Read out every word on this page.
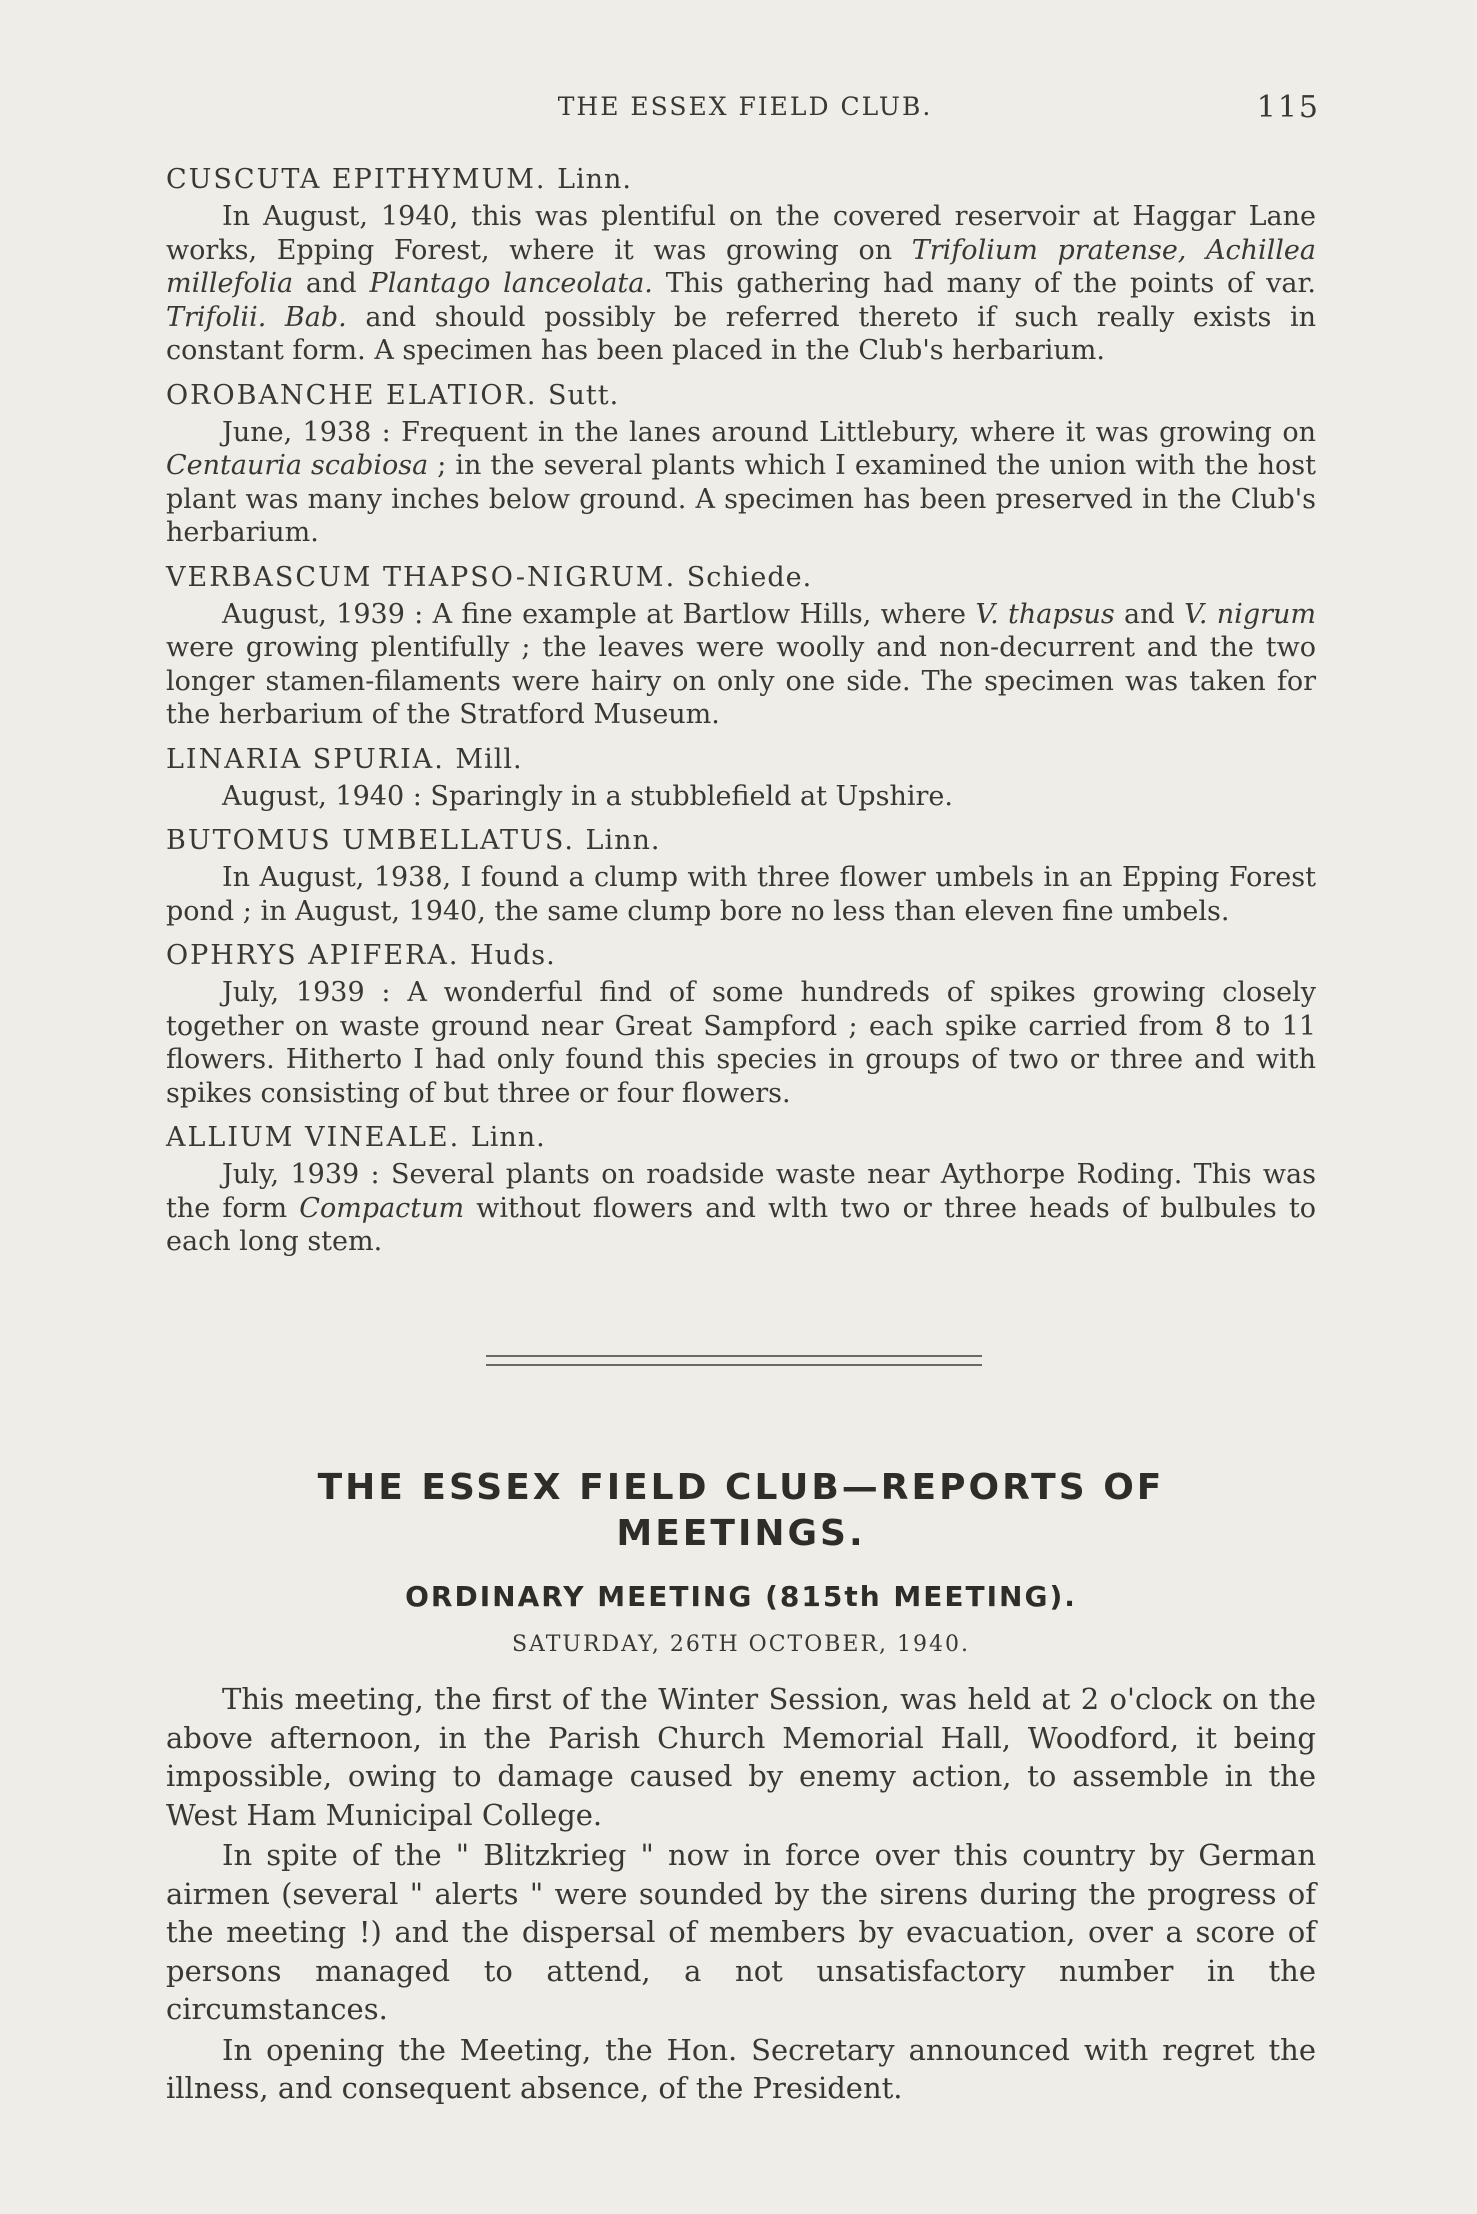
THE ESSEX FIELD CLUB.	115
CUSCUTA EPITHYMUM. Linn.

In August, 1940, this was plentiful on the covered reservoir at Haggar Lane works, Epping Forest, where it was growing on Trifolium pratense, Achillea millefolia and Plantago lanceolata. This gathering had many of the points of var. Trifolii. Bab. and should possibly be referred thereto if such really exists in constant form. A specimen has been placed in the Club's herbarium.

OROBANCHE ELATIOR. Sutt.

June, 1938 : Frequent in the lanes around Littlebury, where it was growing on Centauria scabiosa ; in the several plants which I examined the union with the host plant was many inches below ground. A specimen has been preserved in the Club's herbarium.

VERBASCUM THAPSO-NIGRUM. Schiede.

August, 1939 : A fine example at Bartlow Hills, where V. thapsus and V. nigrum were growing plentifully ; the leaves were woolly and non-decurrent and the two longer stamen-filaments were hairy on only one side. The specimen was taken for the herbarium of the Stratford Museum.

LINARIA SPURIA. Mill.

August, 1940 : Sparingly in a stubblefield at Upshire.

BUTOMUS UMBELLATUS. Linn.

In August, 1938, I found a clump with three flower umbels in an Epping Forest pond ; in August, 1940, the same clump bore no less than eleven fine umbels.

OPHRYS APIFERA. Huds.

July, 1939 : A wonderful find of some hundreds of spikes growing closely together on waste ground near Great Sampford ; each spike carried from 8 to 11 flowers. Hitherto I had only found this species in groups of two or three and with spikes consisting of but three or four flowers.

ALLIUM VINEALE. Linn.

July, 1939 : Several plants on roadside waste near Aythorpe Roding. This was the form Compactum without flowers and wlth two or three heads of bulbules to each long stem.

THE ESSEX FIELD CLUB—REPORTS OF
MEETINGS.
ORDINARY MEETING (815th MEETING).

SATURDAY, 26TH OCTOBER, 1940.

This meeting, the first of the Winter Session, was held at 2 o'clock on the above afternoon, in the Parish Church Memorial Hall, Woodford, it being impossible, owing to damage caused by enemy action, to assemble in the West Ham Municipal College.

In spite of the " Blitzkrieg " now in force over this country by German airmen (several " alerts " were sounded by the sirens during the progress of the meeting !) and the dispersal of members by evacuation, over a score of persons managed to attend, a not unsatisfactory number in the circumstances.

In opening the Meeting, the Hon. Secretary announced with regret the illness, and consequent absence, of the President.
